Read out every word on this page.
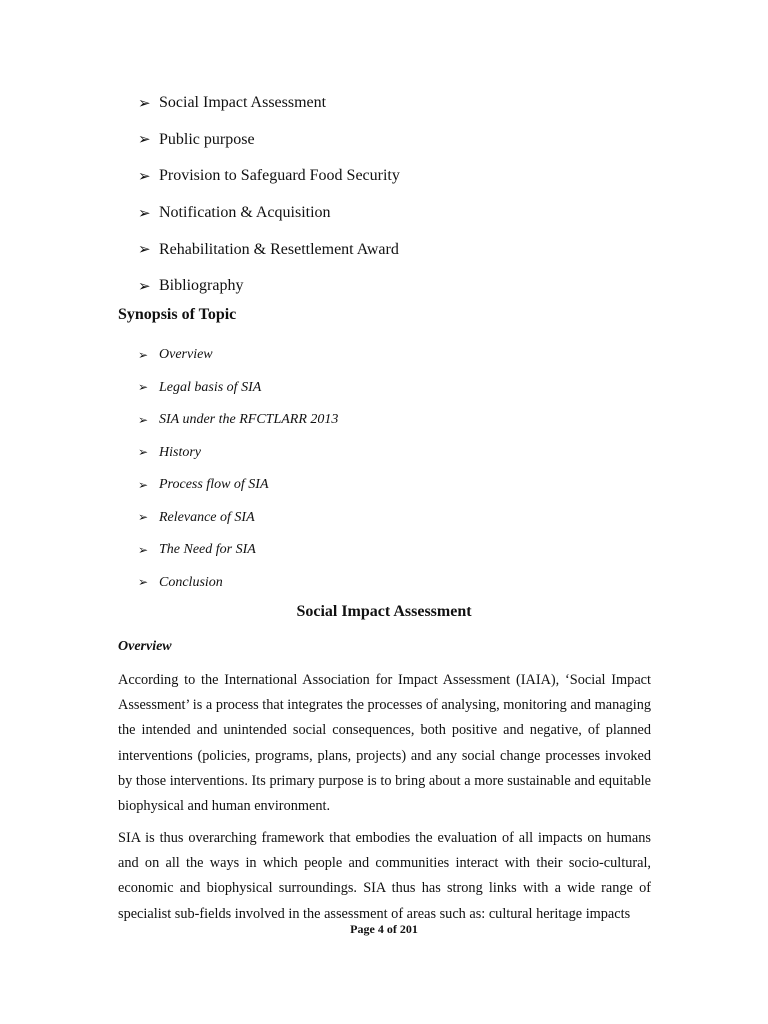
➢ Social Impact Assessment
➢ Public purpose
➢ Provision to Safeguard Food Security
➢ Notification & Acquisition
➢ Rehabilitation & Resettlement Award
➢ Bibliography
Synopsis of Topic
➢ Overview
➢ Legal basis of SIA
➢ SIA under the RFCTLARR 2013
➢ History
➢ Process flow of SIA
➢ Relevance of SIA
➢ The Need for SIA
➢ Conclusion
Social Impact Assessment
Overview

According to the International Association for Impact Assessment (IAIA), ‘Social Impact Assessment’ is a process that integrates the processes of analysing, monitoring and managing the intended and unintended social consequences, both positive and negative, of planned interventions (policies, programs, plans, projects) and any social change processes invoked by those interventions. Its primary purpose is to bring about a more sustainable and equitable biophysical and human environment.

SIA is thus overarching framework that embodies the evaluation of all impacts on humans and on all the ways in which people and communities interact with their socio-cultural, economic and biophysical surroundings. SIA thus has strong links with a wide range of specialist sub-fields involved in the assessment of areas such as: cultural heritage impacts

Page 4 of 201
